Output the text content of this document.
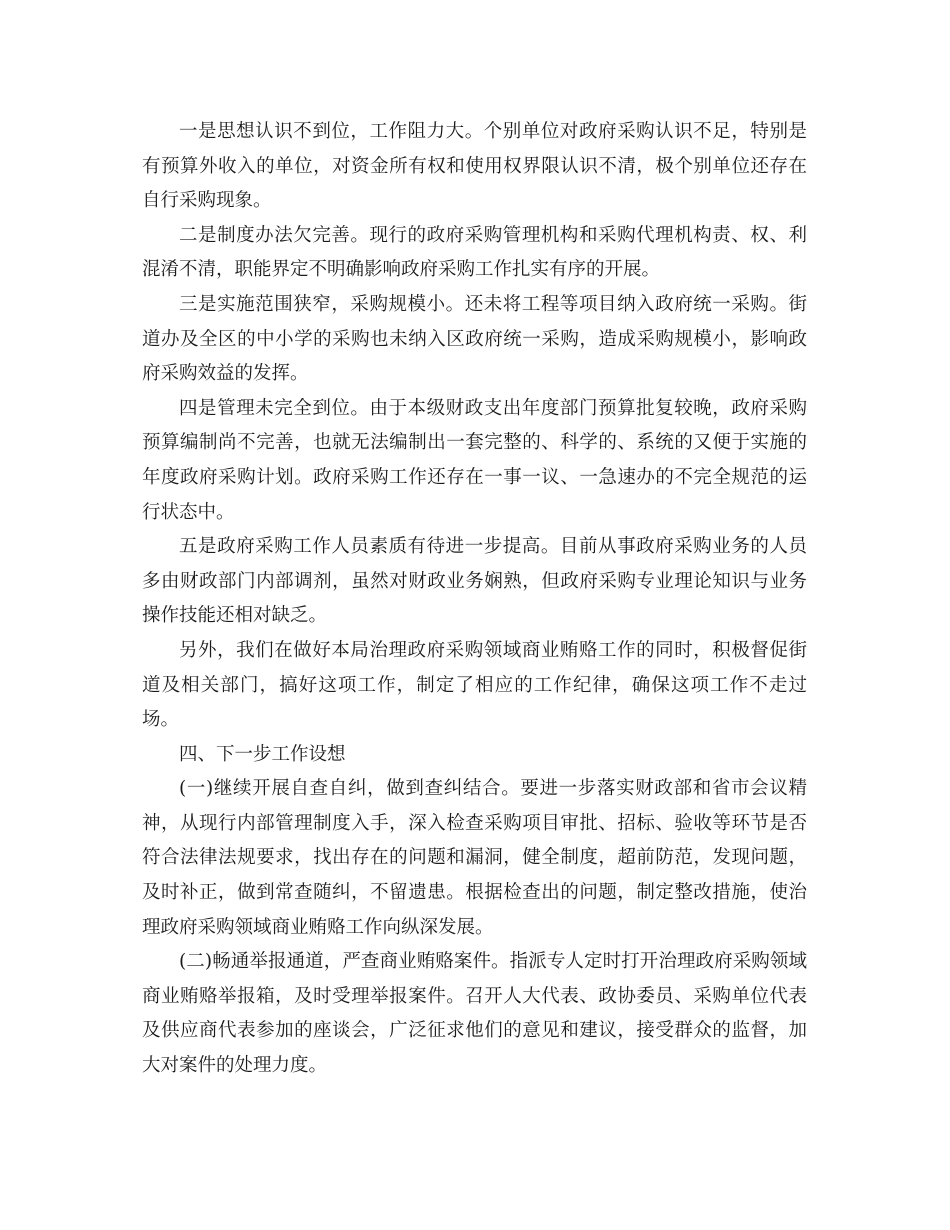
一是思想认识不到位，工作阻力大。个别单位对政府采购认识不足，特别是有预算外收入的单位，对资金所有权和使用权界限认识不清，极个别单位还存在自行采购现象。

二是制度办法欠完善。现行的政府采购管理机构和采购代理机构责、权、利混淆不清，职能界定不明确影响政府采购工作扎实有序的开展。

三是实施范围狭窄，采购规模小。还未将工程等项目纳入政府统一采购。街道办及全区的中小学的采购也未纳入区政府统一采购，造成采购规模小，影响政府采购效益的发挥。

四是管理未完全到位。由于本级财政支出年度部门预算批复较晚，政府采购预算编制尚不完善，也就无法编制出一套完整的、科学的、系统的又便于实施的年度政府采购计划。政府采购工作还存在一事一议、一急速办的不完全规范的运行状态中。

五是政府采购工作人员素质有待进一步提高。目前从事政府采购业务的人员多由财政部门内部调剂，虽然对财政业务娴熟，但政府采购专业理论知识与业务操作技能还相对缺乏。

另外，我们在做好本局治理政府采购领域商业贿赂工作的同时，积极督促街道及相关部门，搞好这项工作，制定了相应的工作纪律，确保这项工作不走过场。

四、下一步工作设想

(一)继续开展自查自纠，做到查纠结合。要进一步落实财政部和省市会议精神，从现行内部管理制度入手，深入检查采购项目审批、招标、验收等环节是否符合法律法规要求，找出存在的问题和漏洞，健全制度，超前防范，发现问题，及时补正，做到常查随纠，不留遗患。根据检查出的问题，制定整改措施，使治理政府采购领域商业贿赂工作向纵深发展。

(二)畅通举报通道，严查商业贿赂案件。指派专人定时打开治理政府采购领域商业贿赂举报箱，及时受理举报案件。召开人大代表、政协委员、采购单位代表及供应商代表参加的座谈会，广泛征求他们的意见和建议，接受群众的监督，加大对案件的处理力度。
